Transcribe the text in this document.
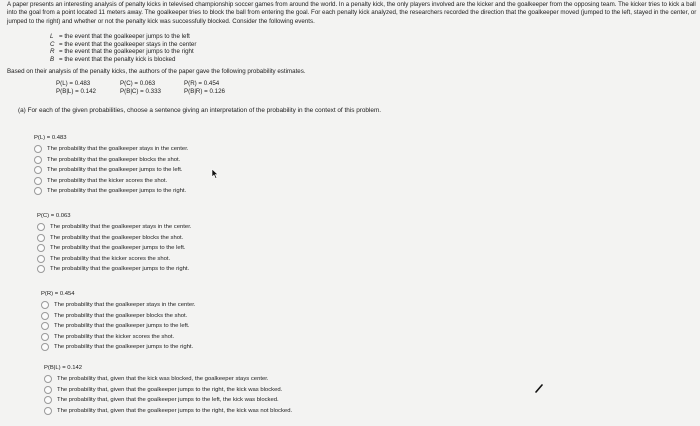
A paper presents an interesting analysis of penalty kicks in televised championship soccer games from around the world. In a penalty kick, the only players involved are the kicker and the goalkeeper from the opposing team. The kicker tries to kick a ball into the goal from a point located 11 meters away. The goalkeeper tries to block the ball from entering the goal. For each penalty kick analyzed, the researchers recorded the direction that the goalkeeper moved (jumped to the left, stayed in the center, or jumped to the right) and whether or not the penalty kick was successfully blocked. Consider the following events.
L = the event that the goalkeeper jumps to the left
C = the event that the goalkeeper stays in the center
R = the event that the goalkeeper jumps to the right
B = the event that the penalty kick is blocked
Based on their analysis of the penalty kicks, the authors of the paper gave the following probability estimates.
P(L) = 0.483	P(C) = 0.063	P(R) = 0.454
P(B|L) = 0.142	P(B|C) = 0.333	P(B|R) = 0.126
(a) For each of the given probabilities, choose a sentence giving an interpretation of the probability in the context of this problem.
P(L) = 0.483
The probability that the goalkeeper stays in the center.
The probability that the goalkeeper blocks the shot.
The probability that the goalkeeper jumps to the left.
The probability that the kicker scores the shot.
The probability that the goalkeeper jumps to the right.
P(C) = 0.063
The probability that the goalkeeper stays in the center.
The probability that the goalkeeper blocks the shot.
The probability that the goalkeeper jumps to the left.
The probability that the kicker scores the shot.
The probability that the goalkeeper jumps to the right.
P(R) = 0.454
The probability that the goalkeeper stays in the center.
The probability that the goalkeeper blocks the shot.
The probability that the goalkeeper jumps to the left.
The probability that the kicker scores the shot.
The probability that the goalkeeper jumps to the right.
P(B|L) = 0.142
The probability that, given that the kick was blocked, the goalkeeper stays center.
The probability that, given that the goalkeeper jumps to the right, the kick was blocked.
The probability that, given that the goalkeeper jumps to the left, the kick was blocked.
The probability that, given that the goalkeeper jumps to the right, the kick was not blocked.
